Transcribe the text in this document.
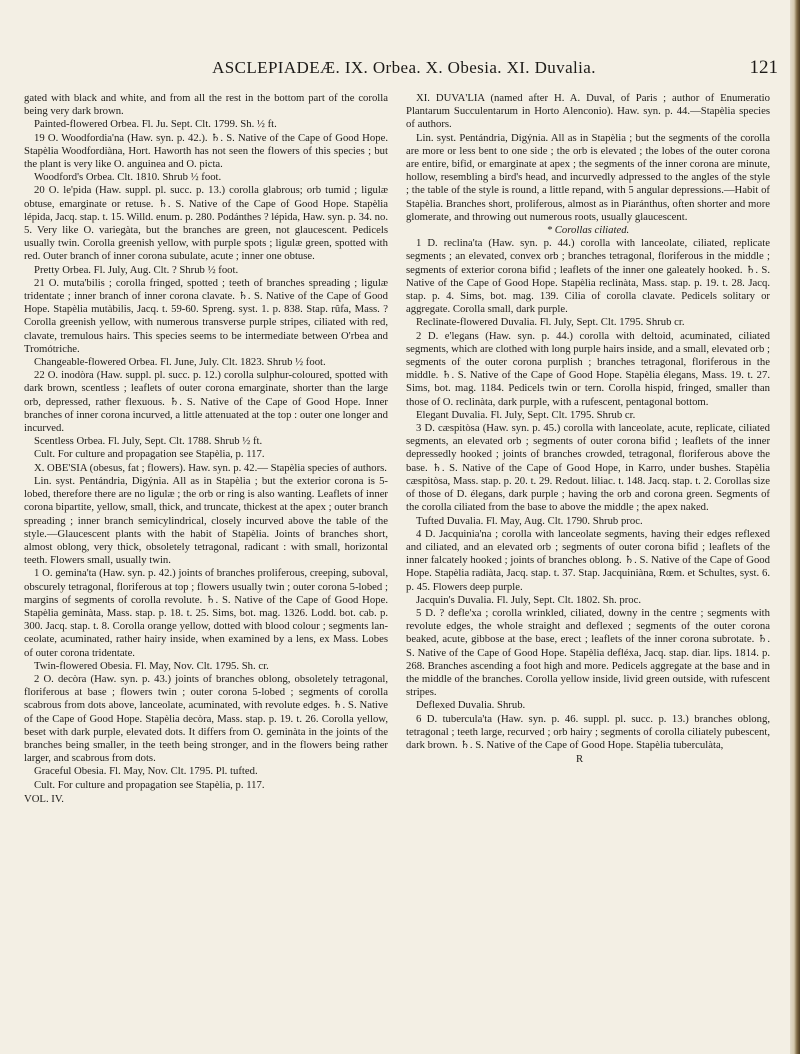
ASCLEPIADEÆ. IX. Orbea. X. Obesia. XI. Duvalia.	121

gated with black and white, and from all the rest in the bottom part of the corolla being very dark brown.

Painted-flowered Orbea. Fl. Ju. Sept. Clt. 1799. Sh. ½ ft.

19 O. Woodfordia'na (Haw. syn. p. 42.). ♄. S. Native of the Cape of Good Hope. Stapèlia Woodfordiàna, Hort. Haworth has not seen the flowers of this species ; but the plant is very like O. anguinea and O. picta.

Woodford's Orbea. Clt. 1810. Shrub ½ foot.

20 O. le'pida (Haw. suppl. pl. succ. p. 13.) corolla glabrous; orb tumid ; ligulæ obtuse, emarginate or retuse. ♄. S. Native of the Cape of Good Hope. Stapèlia lépida, Jacq. stap. t. 15. Willd. enum. p. 280. Podánthes ? lépida, Haw. syn. p. 34. no. 5. Very like O. variegàta, but the branches are green, not glaucescent. Pedicels usually twin. Corolla greenish yellow, with purple spots ; ligulæ green, spotted with red. Outer branch of inner corona subulate, acute ; inner one obtuse.

Pretty Orbea. Fl. July, Aug. Clt. ? Shrub ½ foot.

21 O. muta'bilis ; corolla fringed, spotted ; teeth of branches spreading ; ligulæ tridentate ; inner branch of inner corona clavate. ♄. S. Native of the Cape of Good Hope. Stapèlia mutàbilis, Jacq. t. 59-60. Spreng. syst. 1. p. 838. Stap. rûfa, Mass. ? Corolla greenish yellow, with numerous transverse purple stripes, ciliated with red, clavate, tremulous hairs. This species seems to be intermediate between O'rbea and Tromótriche.

Changeable-flowered Orbea. Fl. June, July. Clt. 1823. Shrub ½ foot.

22 O. inodòra (Haw. suppl. pl. succ. p. 12.) corolla sulphur-coloured, spotted with dark brown, scentless ; leaflets of outer corona emarginate, shorter than the large orb, depressed, rather flexuous. ♄. S. Native of the Cape of Good Hope. Inner branches of inner corona incurved, a little attenuated at the top : outer one longer and incurved.

Scentless Orbea. Fl. July, Sept. Clt. 1788. Shrub ½ ft.

Cult. For culture and propagation see Stapèlia, p. 117.

X. OBE'SIA (obesus, fat ; flowers). Haw. syn. p. 42.— Stapèlia species of authors.

Lin. syst. Pentándria, Digýnia. All as in Stapèlia ; but the exterior corona is 5-lobed, therefore there are no ligulæ ; the orb or ring is also wanting. Leaflets of inner corona bipartite, yellow, small, thick, and truncate, thickest at the apex ; outer branch spreading ; inner branch semicylindrical, closely incurved above the table of the style.—Glaucescent plants with the habit of Stapèlia. Joints of branches short, almost oblong, very thick, obsoletely tetragonal, radicant : with small, horizontal teeth. Flowers small, usually twin.

1 O. gemina'ta (Haw. syn. p. 42.) joints of branches proliferous, creeping, suboval, obscurely tetragonal, floriferous at top ; flowers usually twin ; outer corona 5-lobed ; margins of segments of corolla revolute. ♄. S. Native of the Cape of Good Hope. Stapèlia geminàta, Mass. stap. p. 18. t. 25. Sims, bot. mag. 1326. Lodd. bot. cab. p. 300. Jacq. stap. t. 8. Corolla orange yellow, dotted with blood colour ; segments lanceolate, acuminated, rather hairy inside, when examined by a lens, ex Mass. Lobes of outer corona tridentate.

Twin-flowered Obesia. Fl. May, Nov. Clt. 1795. Sh. cr.

2 O. decòra (Haw. syn. p. 43.) joints of branches oblong, obsoletely tetragonal, floriferous at base ; flowers twin ; outer corona 5-lobed ; segments of corolla scabrous from dots above, lanceolate, acuminated, with revolute edges. ♄. S. Native of the Cape of Good Hope. Stapèlia decòra, Mass. stap. p. 19. t. 26. Corolla yellow, beset with dark purple, elevated dots. It differs from O. geminàta in the joints of the branches being smaller, in the teeth being stronger, and in the flowers being rather larger, and scabrous from dots.

Graceful Obesia. Fl. May, Nov. Clt. 1795. Pl. tufted.

Cult. For culture and propagation see Stapèlia, p. 117.

VOL. IV.

XI. DUVA'LIA (named after H. A. Duval, of Paris ; author of Enumeratio Plantarum Succulentarum in Horto Alenconio). Haw. syn. p. 44.—Stapèlia species of authors.

Lin. syst. Pentándria, Digýnia. All as in Stapèlia ; but the segments of the corolla are more or less bent to one side ; the orb is elevated ; the lobes of the outer corona are entire, bifid, or emarginate at apex ; the segments of the inner corona are minute, hollow, resembling a bird's head, and incurvedly adpressed to the angles of the style ; the table of the style is round, a little repand, with 5 angular depressions.—Habit of Stapèlia. Branches short, proliferous, almost as in Piaránthus, often shorter and more glomerate, and throwing out numerous roots, usually glaucescent.

* Corollas ciliated.

1 D. reclina'ta (Haw. syn. p. 44.) corolla with lanceolate, ciliated, replicate segments ; an elevated, convex orb ; branches tetragonal, floriferous in the middle ; segments of exterior corona bifid ; leaflets of the inner one galeately hooked. ♄. S. Native of the Cape of Good Hope. Stapèlia reclinàta, Mass. stap. p. 19. t. 28. Jacq. stap. p. 4. Sims, bot. mag. 139. Cilia of corolla clavate. Pedicels solitary or aggregate. Corolla small, dark purple.

Reclinate-flowered Duvalia. Fl. July, Sept. Clt. 1795. Shrub cr.

2 D. e'legans (Haw. syn. p. 44.) corolla with deltoid, acuminated, ciliated segments, which are clothed with long purple hairs inside, and a small, elevated orb ; segments of the outer corona purplish ; branches tetragonal, floriferous in the middle. ♄. S. Native of the Cape of Good Hope. Stapèlia élegans, Mass. 19. t. 27. Sims, bot. mag. 1184. Pedicels twin or tern. Corolla hispid, fringed, smaller than those of O. reclinàta, dark purple, with a rufescent, pentagonal bottom.

Elegant Duvalia. Fl. July, Sept. Clt. 1795. Shrub cr.

3 D. cæspitòsa (Haw. syn. p. 45.) corolla with lanceolate, acute, replicate, ciliated segments, an elevated orb ; segments of outer corona bifid ; leaflets of the inner depressedly hooked ; joints of branches crowded, tetragonal, floriferous above the base. ♄. S. Native of the Cape of Good Hope, in Karro, under bushes. Stapèlia cæspitòsa, Mass. stap. p. 20. t. 29. Redout. liliac. t. 148. Jacq. stap. t. 2. Corollas size of those of D. élegans, dark purple ; having the orb and corona green. Segments of the corolla ciliated from the base to above the middle ; the apex naked.

Tufted Duvalia. Fl. May, Aug. Clt. 1790. Shrub proc.

4 D. Jacquinia'na ; corolla with lanceolate segments, having their edges reflexed and ciliated, and an elevated orb ; segments of outer corona bifid ; leaflets of the inner falcately hooked ; joints of branches oblong. ♄. S. Native of the Cape of Good Hope. Stapèlia radiàta, Jacq. stap. t. 37. Stap. Jacquiniàna, Rœm. et Schultes, syst. 6. p. 45. Flowers deep purple.

Jacquin's Duvalia. Fl. July, Sept. Clt. 1802. Sh. proc.

5 D. ? defle'xa ; corolla wrinkled, ciliated, downy in the centre ; segments with revolute edges, the whole straight and deflexed ; segments of the outer corona beaked, acute, gibbose at the base, erect ; leaflets of the inner corona subrotate. ♄. S. Native of the Cape of Good Hope. Stapèlia defléxa, Jacq. stap. diar. lips. 1814. p. 268. Branches ascending a foot high and more. Pedicels aggregate at the base and in the middle of the branches. Corolla yellow inside, livid green outside, with rufescent stripes.

Deflexed Duvalia. Shrub.

6 D. tubercula'ta (Haw. syn. p. 46. suppl. pl. succ. p. 13.) branches oblong, tetragonal ; teeth large, recurved ; orb hairy ; segments of corolla ciliately pubescent, dark brown. ♄. S. Native of the Cape of Good Hope. Stapèlia tuberculàta,

R
